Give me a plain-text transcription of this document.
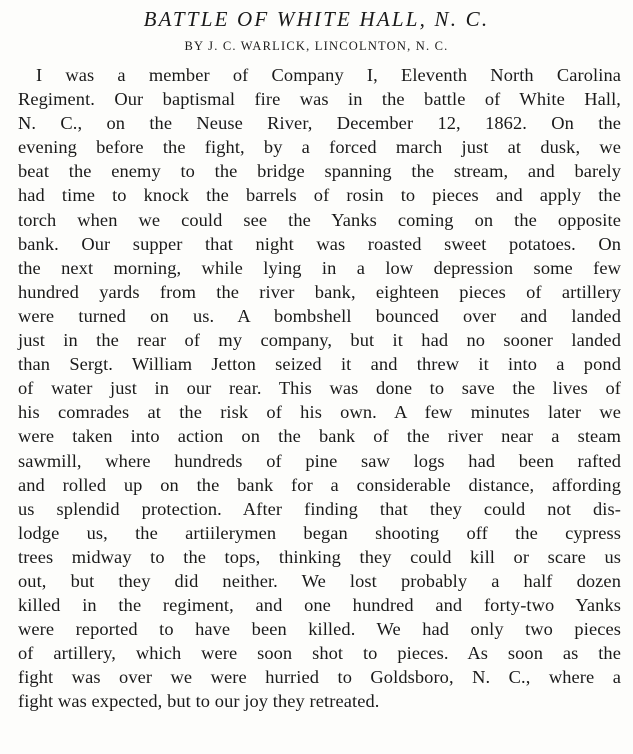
BATTLE OF WHITE HALL, N. C.
BY J. C. WARLICK, LINCOLNTON, N. C.
I was a member of Company I, Eleventh North Carolina
Regiment. Our baptismal fire was in the battle of White Hall,
N. C., on the Neuse River, December 12, 1862. On the
evening before the fight, by a forced march just at dusk, we
beat the enemy to the bridge spanning the stream, and barely
had time to knock the barrels of rosin to pieces and apply the
torch when we could see the Yanks coming on the opposite
bank. Our supper that night was roasted sweet potatoes. On
the next morning, while lying in a low depression some few
hundred yards from the river bank, eighteen pieces of artillery
were turned on us. A bombshell bounced over and landed
just in the rear of my company, but it had no sooner landed
than Sergt. William Jetton seized it and threw it into a pond
of water just in our rear. This was done to save the lives of
his comrades at the risk of his own. A few minutes later we
were taken into action on the bank of the river near a steam
sawmill, where hundreds of pine saw logs had been rafted
and rolled up on the bank for a considerable distance, affording
us splendid protection. After finding that they could not dis-
lodge us, the artiilerymen began shooting off the cypress
trees midway to the tops, thinking they could kill or scare us
out, but they did neither. We lost probably a half dozen
killed in the regiment, and one hundred and forty-two Yanks
were reported to have been killed. We had only two pieces
of artillery, which were soon shot to pieces. As soon as the
fight was over we were hurried to Goldsboro, N. C., where a
fight was expected, but to our joy they retreated.
